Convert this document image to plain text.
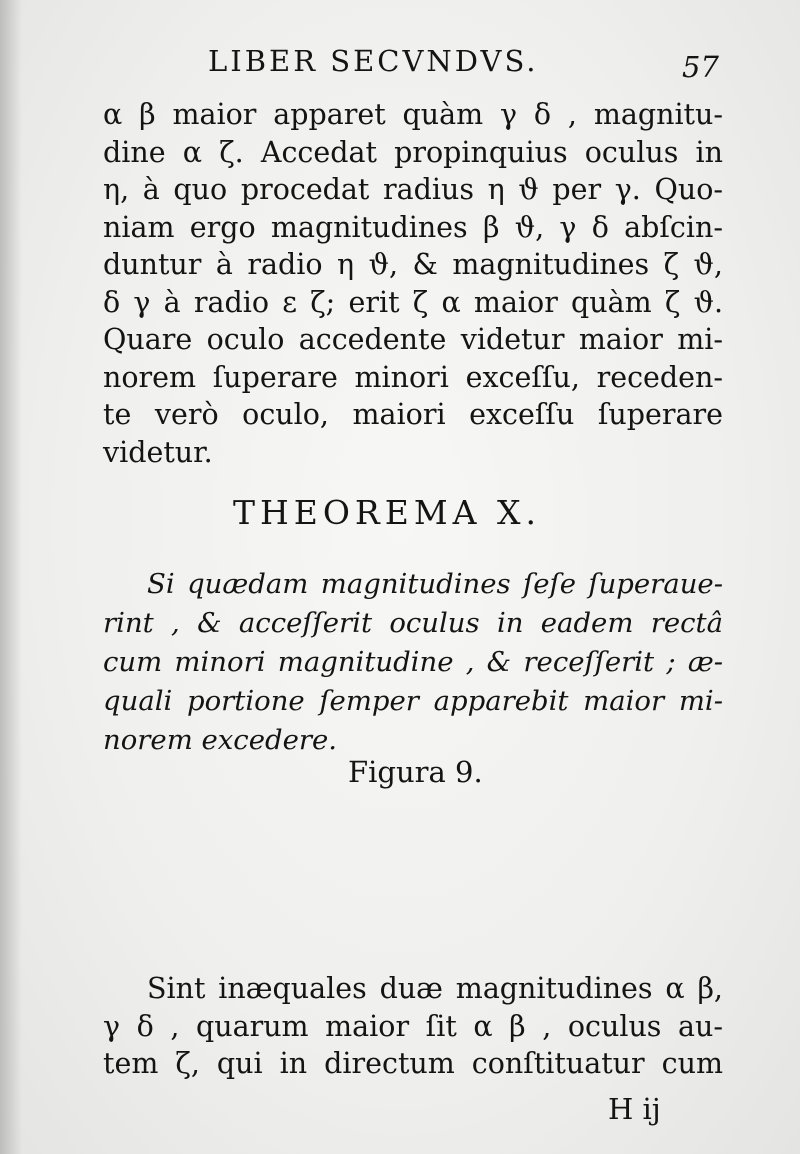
LIBER SECVNDVS.	57
α β maior apparet quàm γ δ , magnitu-
dine α ζ. Accedat propinquius oculus in
η, à quo procedat radius η ϑ per γ. Quo-
niam ergo magnitudines β ϑ, γ δ abſcin-
duntur à radio η ϑ, & magnitudines ζ ϑ,
δ γ à radio ε ζ; erit ζ α maior quàm ζ ϑ.
Quare oculo accedente videtur maior mi-
norem ſuperare minori exceſſu, receden-
te verò oculo, maiori exceſſu ſuperare
videtur.
THEOREMA X.
Si quædam magnitudines ſeſe ſuperaue-
rint , & acceſſerit oculus in eadem rectâ
cum minori magnitudine , & receſſerit ; æ-
quali portione ſemper apparebit maior mi-
norem excedere.
Figura 9.
Sint inæquales duæ magnitudines α β,
γ δ , quarum maior ſit α β , oculus au-
tem ζ, qui in directum conſtituatur cum
H ij
